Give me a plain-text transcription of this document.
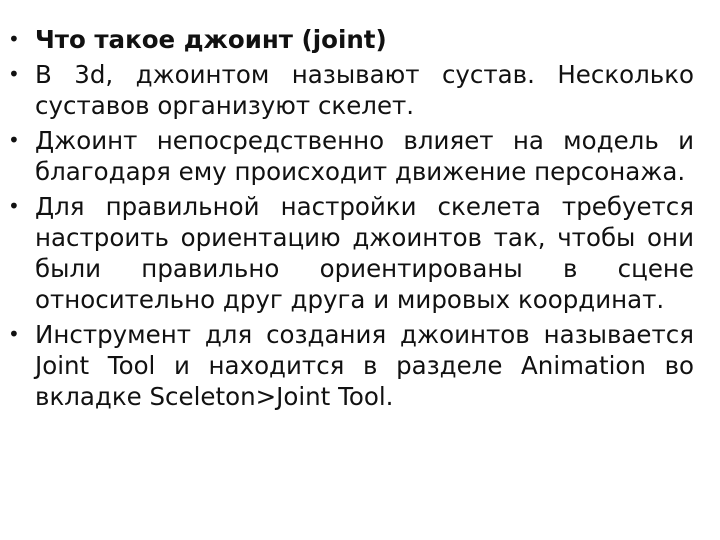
• Что такое джоинт (joint)
• В 3d, джоинтом называют сустав. Несколько суставов организуют скелет.
• Джоинт непосредственно влияет на модель и благодаря ему происходит движение персонажа.
• Для правильной настройки скелета требуется настроить ориентацию джоинтов так, чтобы они были правильно ориентированы в сцене относительно друг друга и мировых координат.
• Инструмент для создания джоинтов называется Joint Tool и находится в разделе Animation во вкладке Sceleton>Joint Tool.
